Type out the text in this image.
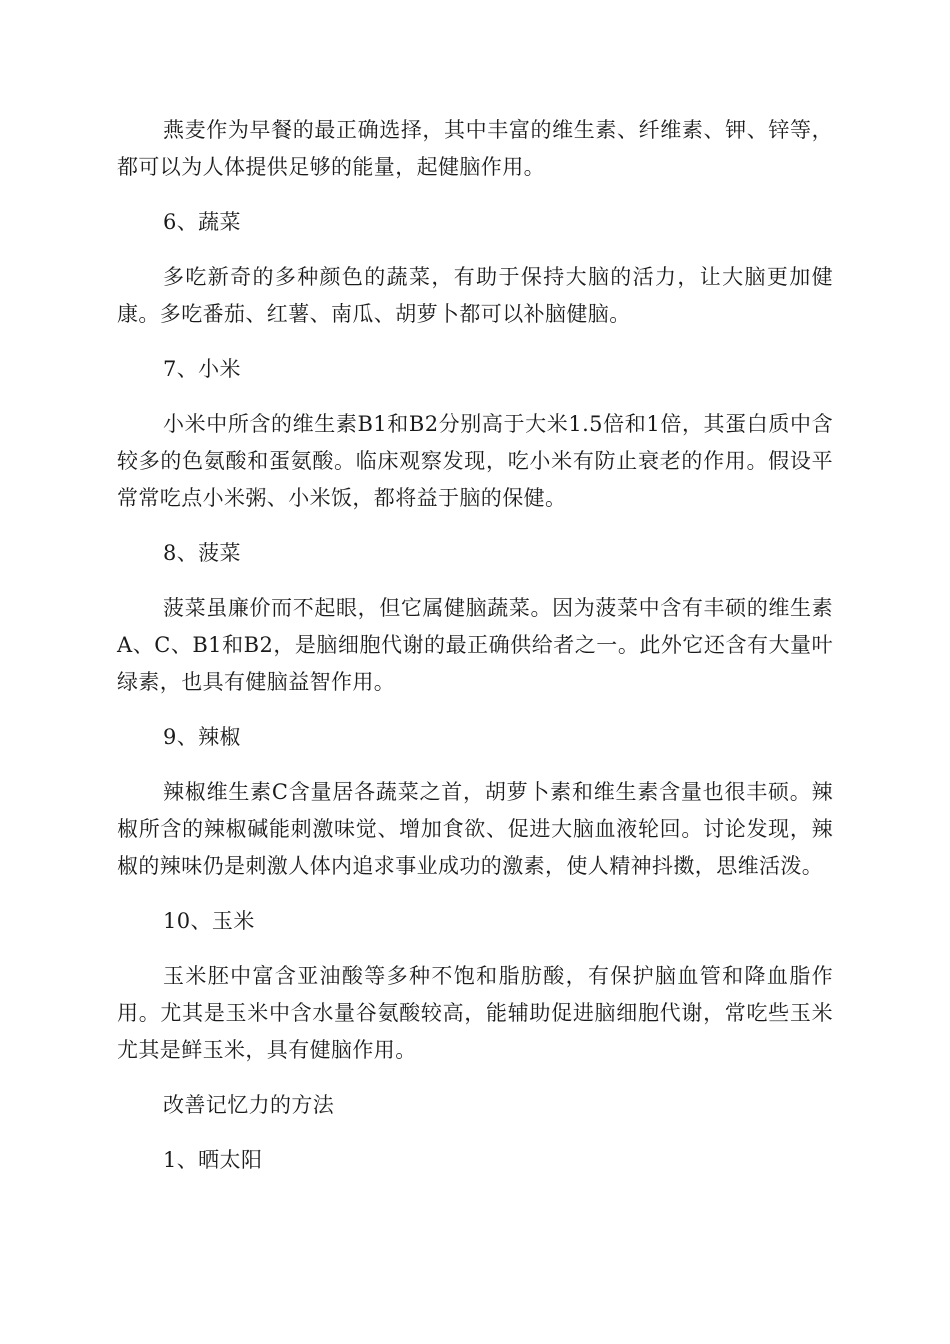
燕麦作为早餐的最正确选择，其中丰富的维生素、纤维素、钾、锌等，都可以为人体提供足够的能量，起健脑作用。

6、蔬菜

多吃新奇的多种颜色的蔬菜，有助于保持大脑的活力，让大脑更加健康。多吃番茄、红薯、南瓜、胡萝卜都可以补脑健脑。

7、小米

小米中所含的维生素B1和B2分别高于大米1.5倍和1倍，其蛋白质中含较多的色氨酸和蛋氨酸。临床观察发现，吃小米有防止衰老的作用。假设平常常吃点小米粥、小米饭，都将益于脑的保健。

8、菠菜

菠菜虽廉价而不起眼，但它属健脑蔬菜。因为菠菜中含有丰硕的维生素A、C、B1和B2，是脑细胞代谢的最正确供给者之一。此外它还含有大量叶绿素，也具有健脑益智作用。

9、辣椒

辣椒维生素C含量居各蔬菜之首，胡萝卜素和维生素含量也很丰硕。辣椒所含的辣椒碱能刺激味觉、增加食欲、促进大脑血液轮回。讨论发现，辣椒的辣味仍是刺激人体内追求事业成功的激素，使人精神抖擞，思维活泼。

10、玉米

玉米胚中富含亚油酸等多种不饱和脂肪酸，有保护脑血管和降血脂作用。尤其是玉米中含水量谷氨酸较高，能辅助促进脑细胞代谢，常吃些玉米尤其是鲜玉米，具有健脑作用。

改善记忆力的方法

1、晒太阳
